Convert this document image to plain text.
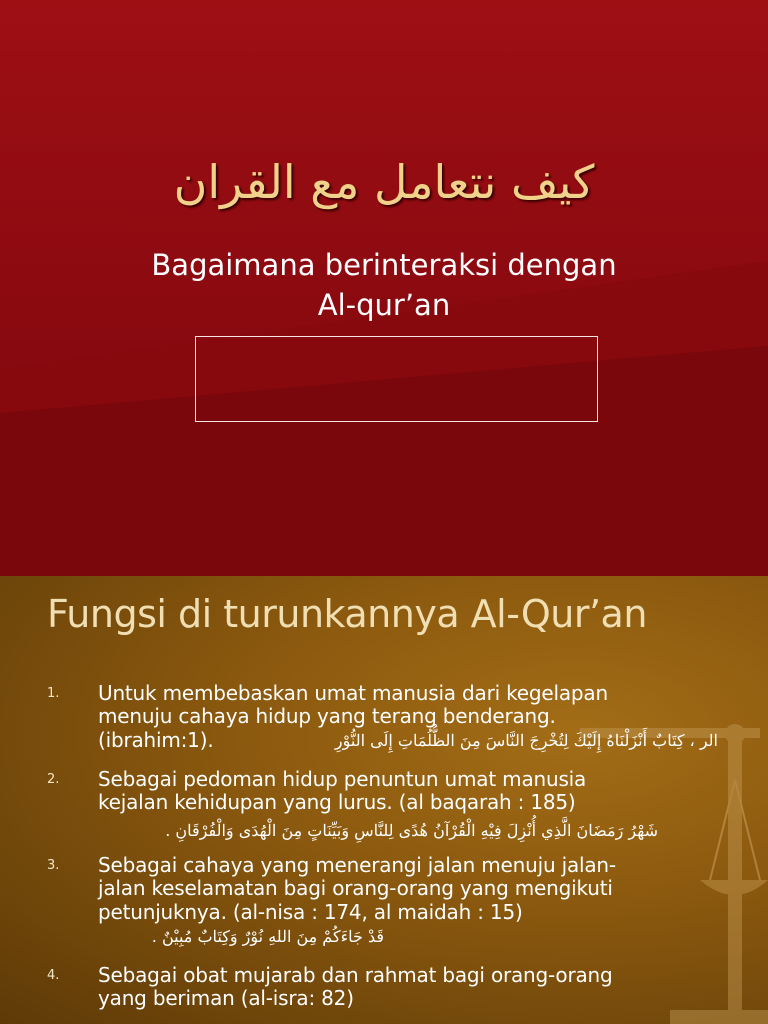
كيف نتعامل مع القران
Bagaimana berinteraksi dengan
Al-qur’an
Fungsi di turunkannya Al-Qur’an
1. Untuk membebaskan umat manusia dari kegelapan
menuju cahaya hidup yang terang benderang.
(ibrahim:1).	الر ، كِتَابٌ أَنْزَلْنَاهُ إِلَيْكَ لِتُخْرِجَ النَّاسَ مِنَ الظُّلُمَاتِ إِلَى النُّوْرِ
2. Sebagai pedoman hidup penuntun umat manusia
kejalan kehidupan yang lurus. (al baqarah : 185)
شَهْرُ رَمَضَانَ الَّذِي أُنْزِلَ فِيْهِ الْقُرْآنُ هُدًى لِلنَّاسِ وَبَيِّنَاتٍ مِنَ الْهُدَى وَالْفُرْقَانِ .
3. Sebagai cahaya yang menerangi jalan menuju jalan-
jalan keselamatan bagi orang-orang yang mengikuti
petunjuknya. (al-nisa : 174, al maidah : 15)
قَدْ جَاءَكُمْ مِنَ اللهِ نُوْرٌ وَكِتَابٌ مُبِيْنٌ .
4. Sebagai obat mujarab dan rahmat bagi orang-orang
yang beriman (al-isra: 82)
